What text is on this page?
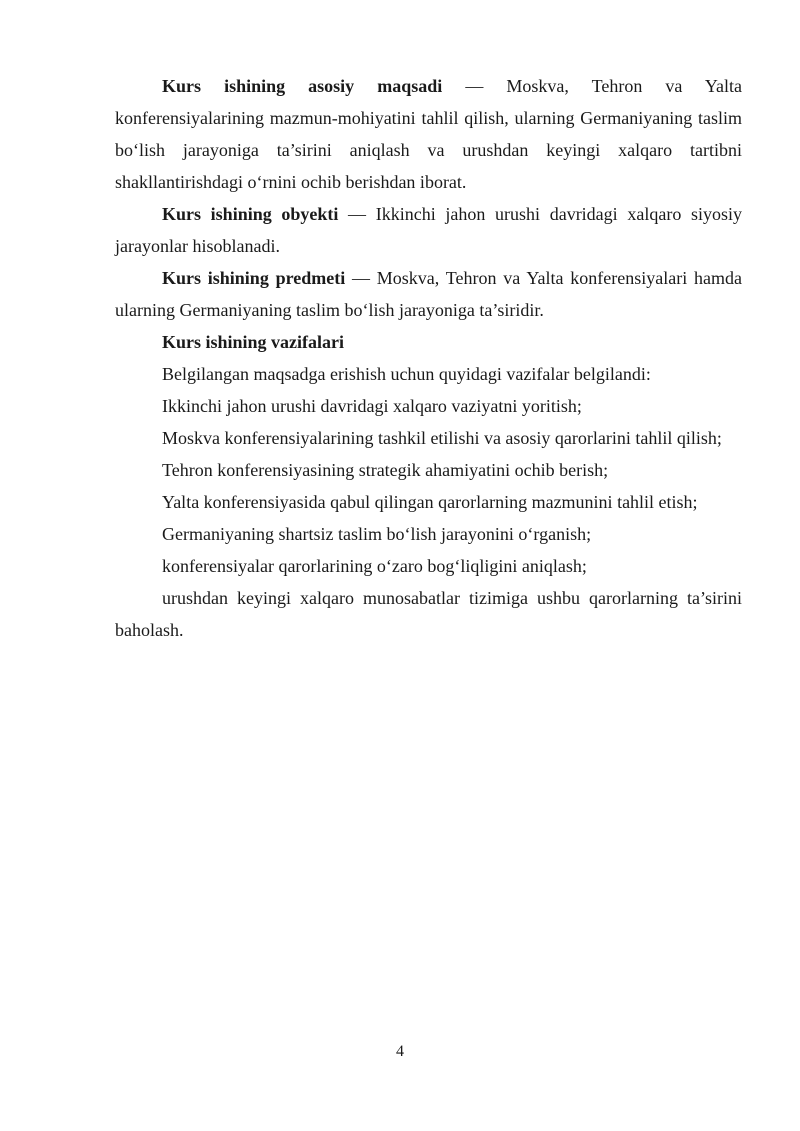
Kurs ishining asosiy maqsadi — Moskva, Tehron va Yalta konferensiyalarining mazmun-mohiyatini tahlil qilish, ularning Germaniyaning taslim bo‘lish jarayoniga ta’sirini aniqlash va urushdan keyingi xalqaro tartibni shakllantirishdagi o‘rnini ochib berishdan iborat.

Kurs ishining obyekti — Ikkinchi jahon urushi davridagi xalqaro siyosiy jarayonlar hisoblanadi.

Kurs ishining predmeti — Moskva, Tehron va Yalta konferensiyalari hamda ularning Germaniyaning taslim bo‘lish jarayoniga ta’siridir.

Kurs ishining vazifalari

Belgilangan maqsadga erishish uchun quyidagi vazifalar belgilandi:

Ikkinchi jahon urushi davridagi xalqaro vaziyatni yoritish;

Moskva konferensiyalarining tashkil etilishi va asosiy qarorlarini tahlil qilish;

Tehron konferensiyasining strategik ahamiyatini ochib berish;

Yalta konferensiyasida qabul qilingan qarorlarning mazmunini tahlil etish;

Germaniyaning shartsiz taslim bo‘lish jarayonini o‘rganish;

konferensiyalar qarorlarining o‘zaro bog‘liqligini aniqlash;

urushdan keyingi xalqaro munosabatlar tizimiga ushbu qarorlarning ta’sirini baholash.

4
